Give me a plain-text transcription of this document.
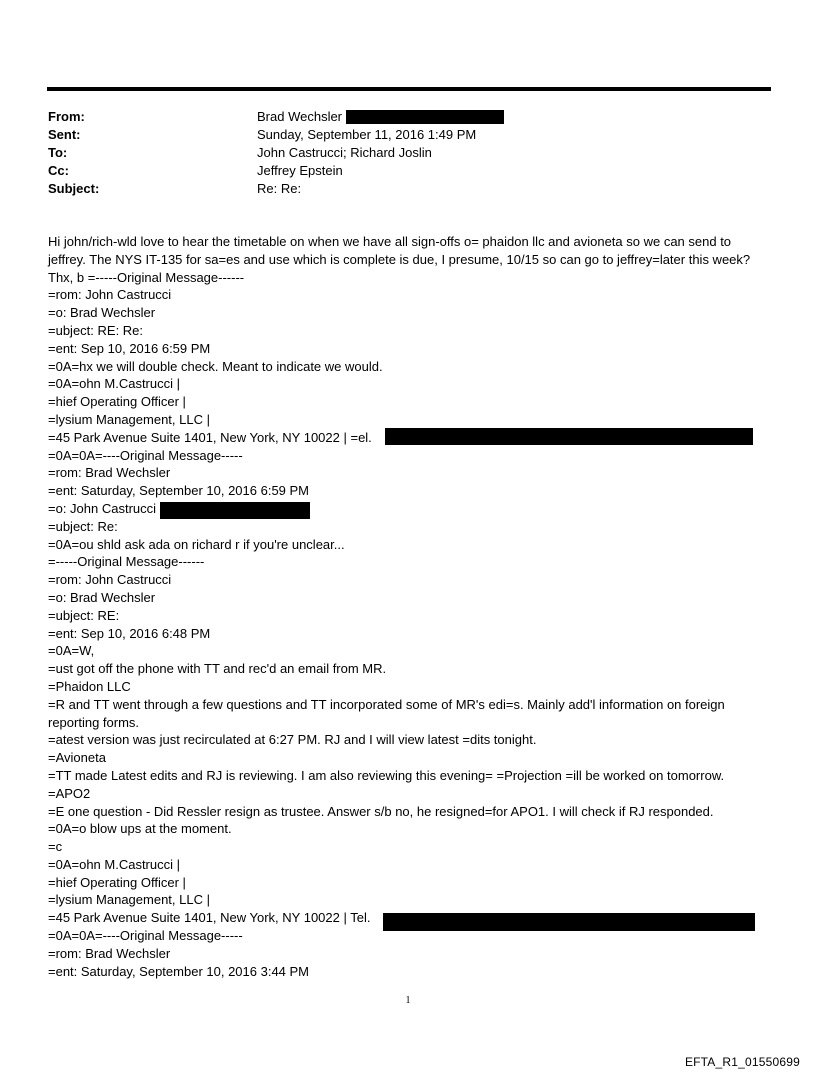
From:	Brad Wechsler
Sent:	Sunday, September 11, 2016 1:49 PM
To:	John Castrucci; Richard Joslin
Cc:	Jeffrey Epstein
Subject:	Re: Re:
Hi john/rich-wld love to hear the timetable on when we have all sign-offs o= phaidon llc and avioneta so we can send to
jeffrey. The NYS IT-135 for sa=es and use which is complete is due, I presume, 10/15 so can go to jeffrey=later this week?
Thx, b =-----Original Message------
=rom: John Castrucci
=o: Brad Wechsler
=ubject: RE: Re:
=ent: Sep 10, 2016 6:59 PM
=0A=hx we will double check. Meant to indicate we would.
=0A=ohn M.Castrucci |
=hief Operating Officer |
=lysium Management, LLC |
=45 Park Avenue Suite 1401, New York, NY 10022 | =el.
=0A=0A=----Original Message-----
=rom: Brad Wechsler
=ent: Saturday, September 10, 2016 6:59 PM
=o: John Castrucci
=ubject: Re:
=0A=ou shld ask ada on richard r if you're unclear...
=-----Original Message------
=rom: John Castrucci
=o: Brad Wechsler
=ubject: RE:
=ent: Sep 10, 2016 6:48 PM
=0A=W,
=ust got off the phone with TT and rec'd an email from MR.
=Phaidon LLC
=R and TT went through a few questions and TT incorporated some of MR's edi=s. Mainly add'l information on foreign
reporting forms.
=atest version was just recirculated at 6:27 PM. RJ and I will view latest =dits tonight.
=Avioneta
=TT made Latest edits and RJ is reviewing. I am also reviewing this evening= =Projection =ill be worked on tomorrow.
=APO2
=E one question - Did Ressler resign as trustee. Answer s/b no, he resigned=for APO1. I will check if RJ responded.
=0A=o blow ups at the moment.
=c
=0A=ohn M.Castrucci |
=hief Operating Officer |
=lysium Management, LLC |
=45 Park Avenue Suite 1401, New York, NY 10022 | Tel.
=0A=0A=----Original Message-----
=rom: Brad Wechsler
=ent: Saturday, September 10, 2016 3:44 PM
1
EFTA_R1_01550699
